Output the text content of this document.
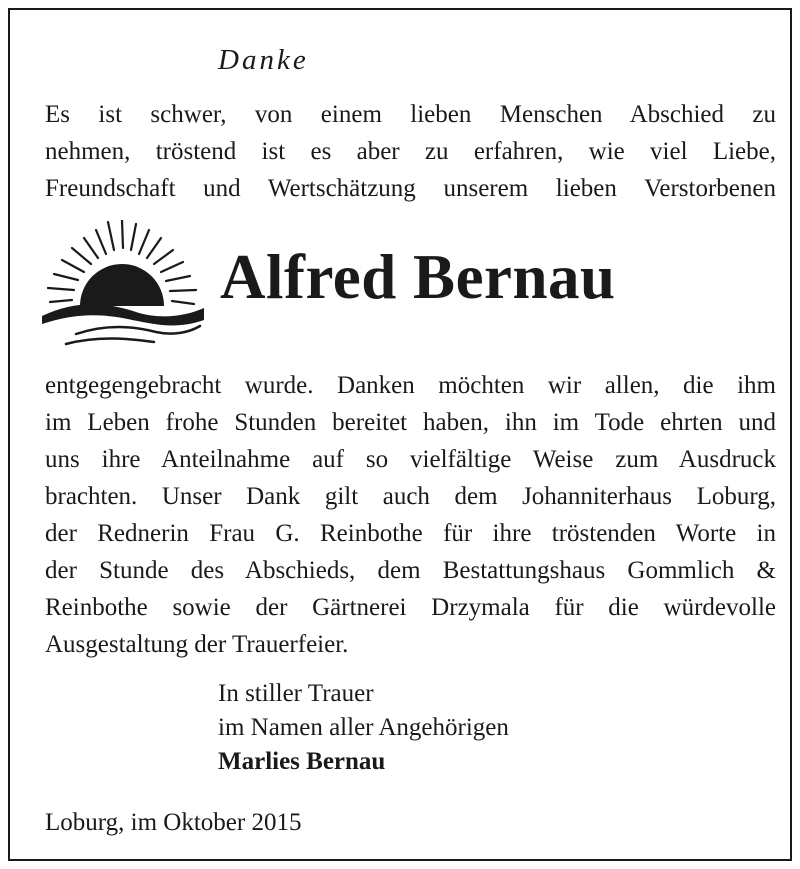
Danke

Es ist schwer, von einem lieben Menschen Abschied zu
nehmen, tröstend ist es aber zu erfahren, wie viel Liebe,
Freundschaft und Wertschätzung unserem lieben Verstorbenen

Alfred Bernau

entgegengebracht wurde. Danken möchten wir allen, die ihm
im Leben frohe Stunden bereitet haben, ihn im Tode ehrten und
uns ihre Anteilnahme auf so vielfältige Weise zum Ausdruck
brachten. Unser Dank gilt auch dem Johanniterhaus Loburg,
der Rednerin Frau G. Reinbothe für ihre tröstenden Worte in
der Stunde des Abschieds, dem Bestattungshaus Gommlich &
Reinbothe sowie der Gärtnerei Drzymala für die würdevolle
Ausgestaltung der Trauerfeier.

In stiller Trauer
im Namen aller Angehörigen
Marlies Bernau
Loburg, im Oktober 2015
